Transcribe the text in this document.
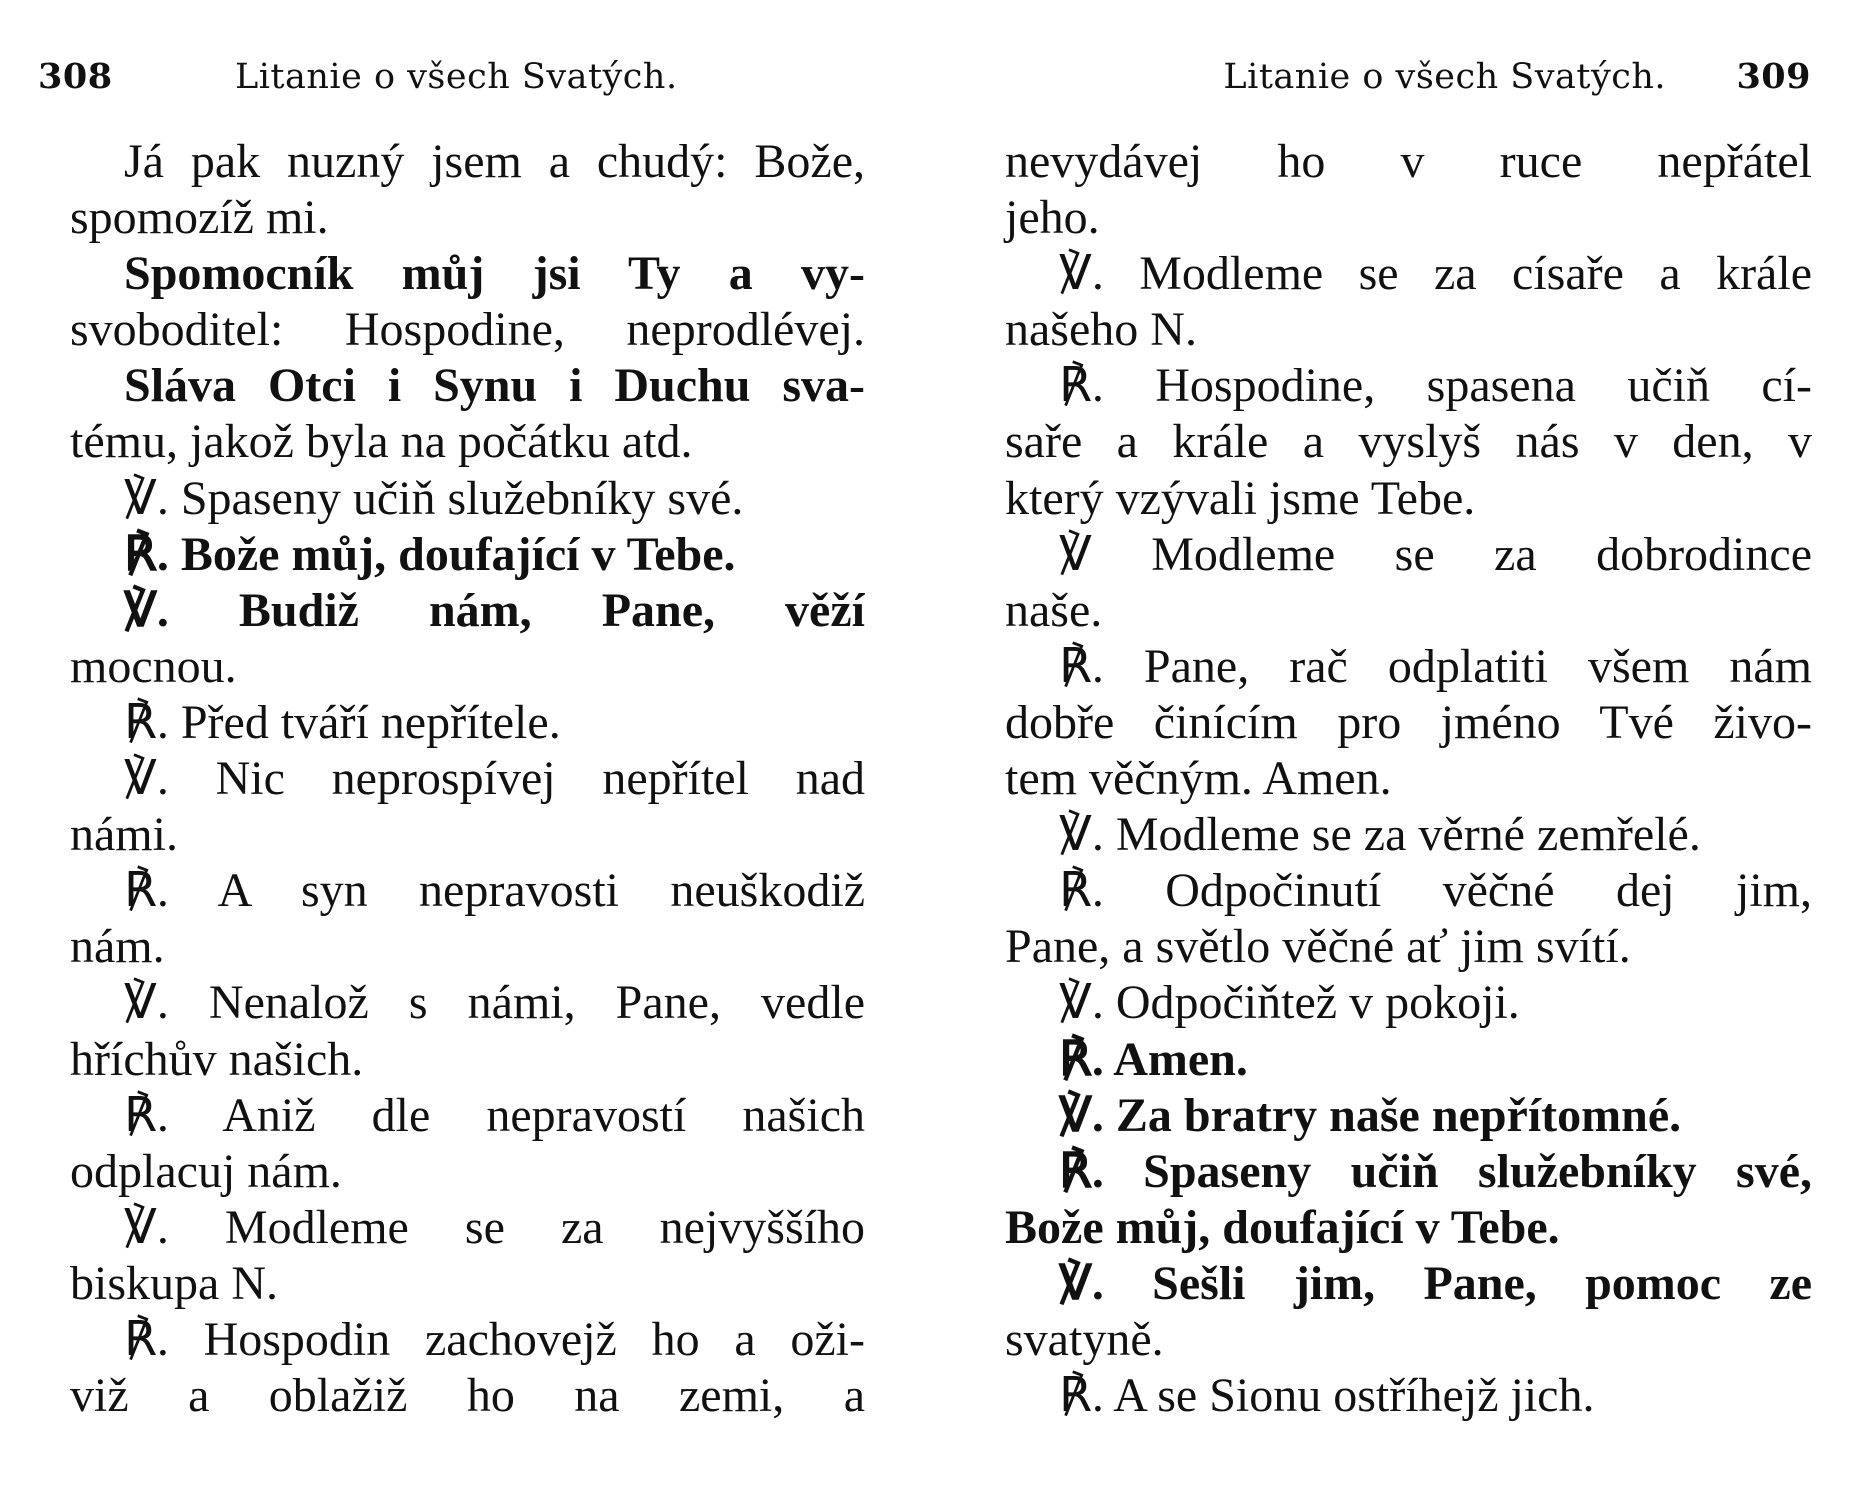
308	Litanie o všech Svatých.
Já pak nuzný jsem a chudý: Bože,
spomozíž mi.
Spomocník můj jsi Ty a vy-
svoboditel: Hospodine, neprodlévej.
Sláva Otci i Synu i Duchu sva-
tému, jakož byla na počátku atd.
℣. Spaseny učiň služebníky své.
℟. Bože můj, doufající v Tebe.
℣. Budiž nám, Pane, věží
mocnou.
℟. Před tváří nepřítele.
℣. Nic neprospívej nepřítel nad
námi.
℟. A syn nepravosti neuškodiž
nám.
℣. Nenalož s námi, Pane, vedle
hříchův našich.
℟. Aniž dle nepravostí našich
odplacuj nám.
℣. Modleme se za nejvyššího
biskupa N.
℟. Hospodin zachovejž ho a oži-
viž a oblažiž ho na zemi, a
Litanie o všech Svatých. 309
nevydávej ho v ruce nepřátel
jeho.
℣. Modleme se za císaře a krále
našeho N.
℟. Hospodine, spasena učiň cí-
saře a krále a vyslyš nás v den, v
který vzývali jsme Tebe.
℣ Modleme se za dobrodince
naše.
℟. Pane, rač odplatiti všem nám
dobře činícím pro jméno Tvé živo-
tem věčným. Amen.
℣. Modleme se za věrné zemřelé.
℟. Odpočinutí věčné dej jim,
Pane, a světlo věčné ať jim svítí.
℣. Odpočiňtež v pokoji.
℟. Amen.
℣. Za bratry naše nepřítomné.
℟. Spaseny učiň služebníky své,
Bože můj, doufající v Tebe.
℣. Sešli jim, Pane, pomoc ze
svatyně.
℟. A se Sionu ostříhejž jich.
